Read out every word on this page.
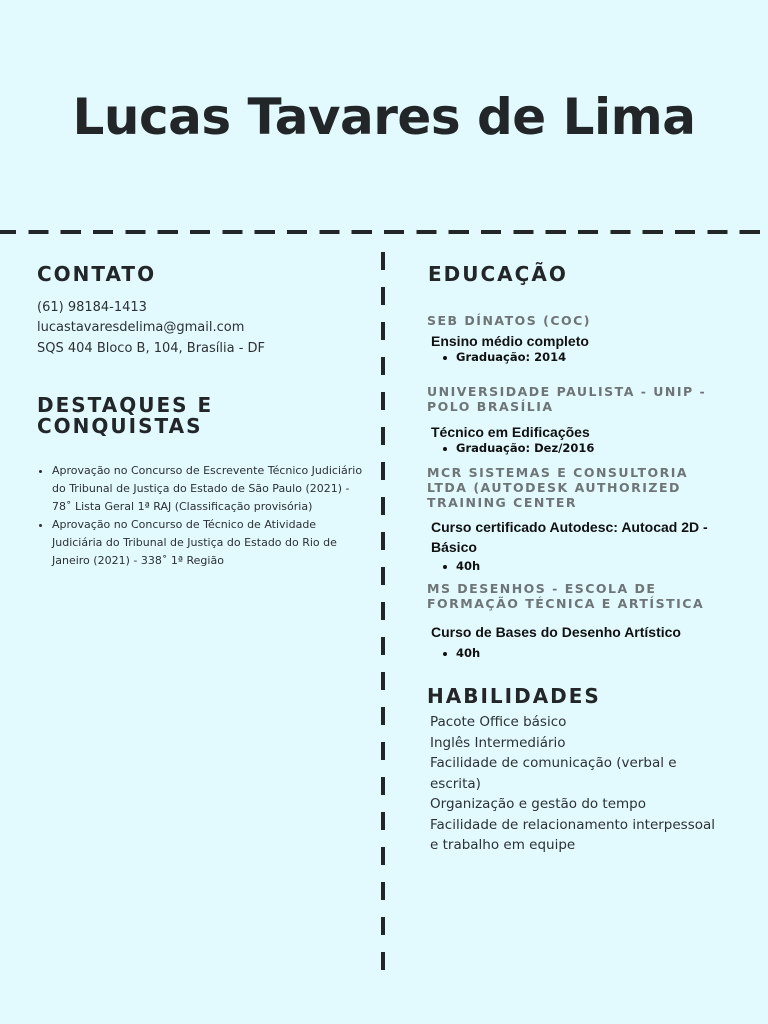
Lucas Tavares de Lima
CONTATO

(61) 98184-1413

lucastavaresdelima@gmail.com

SQS 404 Bloco B, 104, Brasília - DF

DESTAQUES E
CONQUISTAS
• Aprovação no Concurso de Escrevente Técnico Judiciário do Tribunal de Justiça do Estado de São Paulo (2021) - 78˚ Lista Geral 1ª RAJ (Classificação provisória)
• Aprovação no Concurso de Técnico de Atividade Judiciária do Tribunal de Justiça do Estado do Rio de Janeiro (2021) - 338˚ 1ª Região
EDUCAÇÃO

SEB DÍNATOS (COC)

Ensino médio completo

Graduação: 2014

UNIVERSIDADE PAULISTA - UNIP -
POLO BRASÍLIA

Técnico em Edificações

Graduação: Dez/2016

MCR SISTEMAS E CONSULTORIA
LTDA (AUTODESK AUTHORIZED
TRAINING CENTER

Curso certificado Autodesc: Autocad 2D -
Básico

40h

MS DESENHOS - ESCOLA DE
FORMAÇÃO TÉCNICA E ARTÍSTICA

Curso de Bases do Desenho Artístico

40h

HABILIDADES
Pacote Office básico
Inglês Intermediário
Facilidade de comunicação (verbal e
escrita)
Organização e gestão do tempo
Facilidade de relacionamento interpessoal
e trabalho em equipe
